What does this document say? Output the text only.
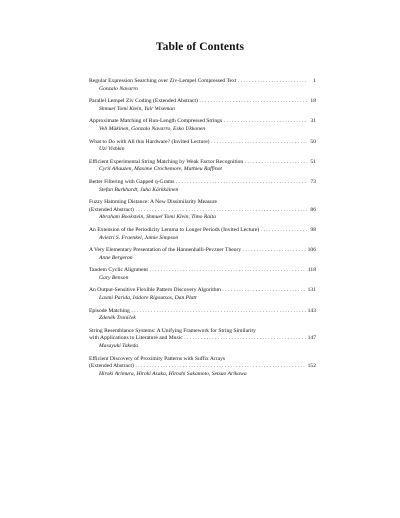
Table of Contents
Regular Expression Searching over Ziv-Lempel Compressed Text . . .	1
Gonzalo Navarro
Parallel Lempel Ziv Coding (Extended Abstract) . . .	18
Shmuel Tomi Klein, Yair Wiseman
Approximate Matching of Run-Length Compressed Strings . . .	31
Veli Mäkinen, Gonzalo Navarro, Esko Ukkonen
What to Do with All this Hardware? (Invited Lecture) . . .	50
Uzi Vishkin
Efficient Experimental String Matching by Weak Factor Recognition . . .	51
Cyril Allauzen, Maxime Crochemore, Mathieu Raffinot
Better Filtering with Gapped q-Grams . . .	73
Stefan Burkhardt, Juha Kärkkäinen
Fuzzy Hamming Distance: A New Dissimilarity Measure
(Extended Abstract) . . .	86
Abraham Bookstein, Shmuel Tomi Klein, Timo Raita
An Extension of the Periodicity Lemma to Longer Periods (Invited Lecture) . . .	98
Aviezri S. Fraenkel, Jamie Simpson
A Very Elementary Presentation of the Hannenhalli-Pevzner Theory . . .	106
Anne Bergeron
Tandem Cyclic Alignment . . .	118
Gary Benson
An Output-Sensitive Flexible Pattern Discovery Algorithm . . .	131
Laxmi Parida, Isidore Rigoutsos, Dan Platt
Episode Matching . . .	143
Zdeněk Troníček
String Resemblance Systems: A Unifying Framework for String Similarity
with Applications to Literature and Music . . .	147
Masayuki Takeda
Efficient Discovery of Proximity Patterns with Suffix Arrays
(Extended Abstract) . . .	152
Hiroki Arimura, Hiroki Asaka, Hiroshi Sakamoto, Setsuo Arikawa
